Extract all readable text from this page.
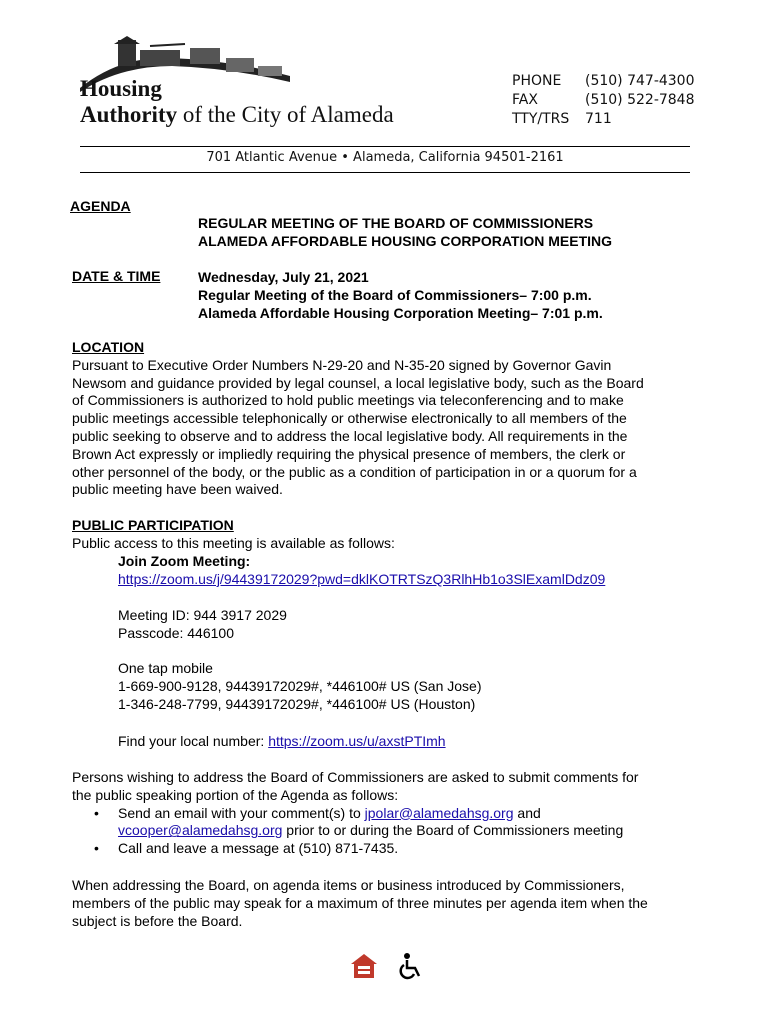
Housing
Authority of the City of Alameda
PHONE (510) 747-4300
FAX	(510) 522-7848
TTY/TRS 711
701 Atlantic Avenue • Alameda, California 94501-2161
AGENDA
REGULAR MEETING OF THE BOARD OF COMMISSIONERS
ALAMEDA AFFORDABLE HOUSING CORPORATION MEETING
DATE & TIME	Wednesday, July 21, 2021
Regular Meeting of the Board of Commissioners– 7:00 p.m.
Alameda Affordable Housing Corporation Meeting– 7:01 p.m.
LOCATION
Pursuant to Executive Order Numbers N-29-20 and N-35-20 signed by Governor Gavin
Newsom and guidance provided by legal counsel, a local legislative body, such as the Board
of Commissioners is authorized to hold public meetings via teleconferencing and to make
public meetings accessible telephonically or otherwise electronically to all members of the
public seeking to observe and to address the local legislative body. All requirements in the
Brown Act expressly or impliedly requiring the physical presence of members, the clerk or
other personnel of the body, or the public as a condition of participation in or a quorum for a
public meeting have been waived.
PUBLIC PARTICIPATION
Public access to this meeting is available as follows:
Join Zoom Meeting:
https://zoom.us/j/94439172029?pwd=dklKOTRTSzQ3RlhHb1o3SlExamlDdz09
Meeting ID: 944 3917 2029
Passcode: 446100
One tap mobile
1-669-900-9128, 94439172029#, *446100# US (San Jose)
1-346-248-7799, 94439172029#, *446100# US (Houston)
Find your local number: https://zoom.us/u/axstPTImh
Persons wishing to address the Board of Commissioners are asked to submit comments for
the public speaking portion of the Agenda as follows:
• Send an email with your comment(s) to jpolar@alamedahsg.org and
vcooper@alamedahsg.org prior to or during the Board of Commissioners meeting
• Call and leave a message at (510) 871-7435.
When addressing the Board, on agenda items or business introduced by Commissioners,
members of the public may speak for a maximum of three minutes per agenda item when the
subject is before the Board.
